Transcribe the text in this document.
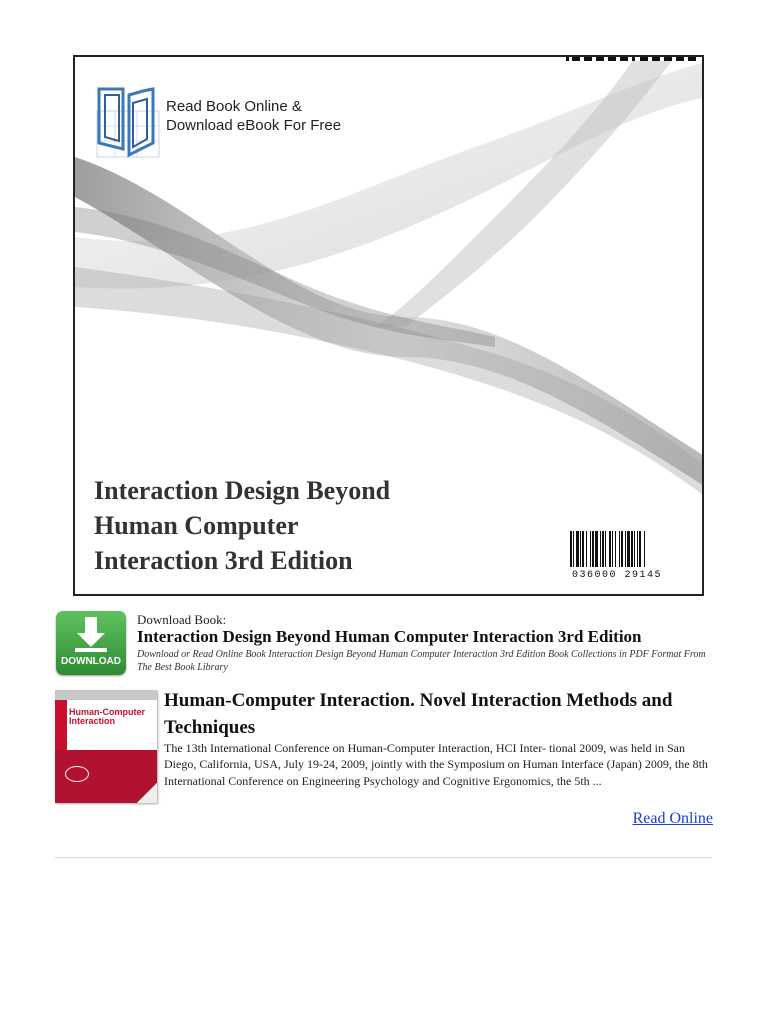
Read Book Online &
Download eBook For Free
Interaction Design Beyond
Human Computer
Interaction 3rd Edition
036000 29145
DOWNLOAD
Download Book:
Interaction Design Beyond Human Computer Interaction 3rd Edition
Download or Read Online Book Interaction Design Beyond Human Computer Interaction 3rd Edition Book Collections in PDF Format From The Best Book Library
Human-Computer Interaction
Human-Computer Interaction. Novel Interaction Methods and Techniques
The 13th International Conference on Human-Computer Interaction, HCI Inter- tional 2009, was held in San Diego, California, USA, July 19-24, 2009, jointly with the Symposium on Human Interface (Japan) 2009, the 8th International Conference on Engineering Psychology and Cognitive Ergonomics, the 5th ...
Read Online
